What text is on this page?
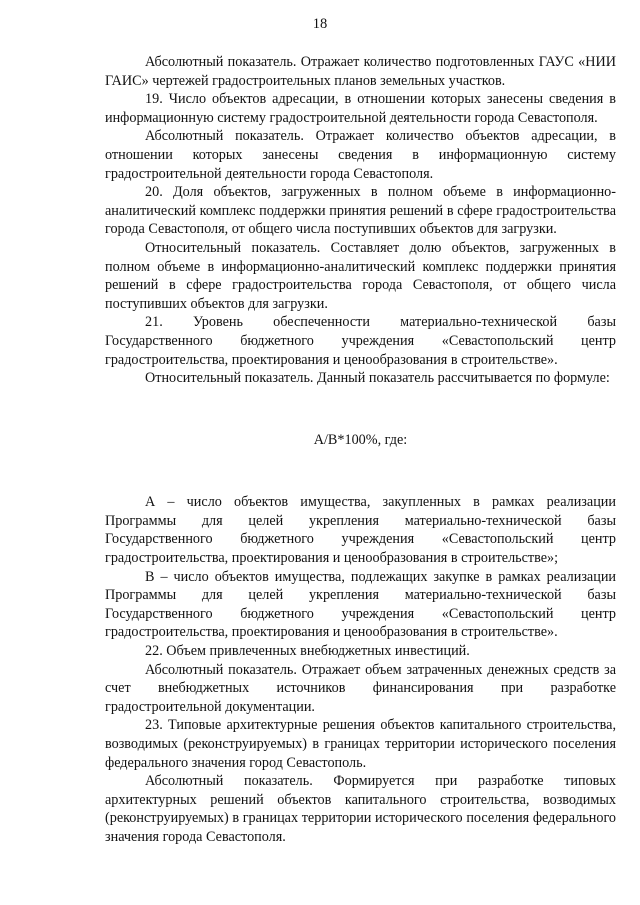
18

Абсолютный показатель. Отражает количество подготовленных ГАУС «НИИ ГАИС» чертежей градостроительных планов земельных участков.

19. Число объектов адресации, в отношении которых занесены сведения в информационную систему градостроительной деятельности города Севастополя.

Абсолютный показатель. Отражает количество объектов адресации, в отношении которых занесены сведения в информационную систему градостроительной деятельности города Севастополя.

20. Доля объектов, загруженных в полном объеме в информационно-аналитический комплекс поддержки принятия решений в сфере градостроительства города Севастополя, от общего числа поступивших объектов для загрузки.

Относительный показатель. Составляет долю объектов, загруженных в полном объеме в информационно-аналитический комплекс поддержки принятия решений в сфере градостроительства города Севастополя, от общего числа поступивших объектов для загрузки.

21. Уровень обеспеченности материально-технической базы Государственного бюджетного учреждения «Севастопольский центр градостроительства, проектирования и ценообразования в строительстве».

Относительный показатель. Данный показатель рассчитывается по формуле:

А/В*100%, где:

А – число объектов имущества, закупленных в рамках реализации Программы для целей укрепления материально-технической базы Государственного бюджетного учреждения «Севастопольский центр градостроительства, проектирования и ценообразования в строительстве»;

В – число объектов имущества, подлежащих закупке в рамках реализации Программы для целей укрепления материально-технической базы Государственного бюджетного учреждения «Севастопольский центр градостроительства, проектирования и ценообразования в строительстве».

22. Объем привлеченных внебюджетных инвестиций.

Абсолютный показатель. Отражает объем затраченных денежных средств за счет внебюджетных источников финансирования при разработке градостроительной документации.

23. Типовые архитектурные решения объектов капитального строительства, возводимых (реконструируемых) в границах территории исторического поселения федерального значения город Севастополь.

Абсолютный показатель. Формируется при разработке типовых архитектурных решений объектов капитального строительства, возводимых (реконструируемых) в границах территории исторического поселения федерального значения города Севастополя.
